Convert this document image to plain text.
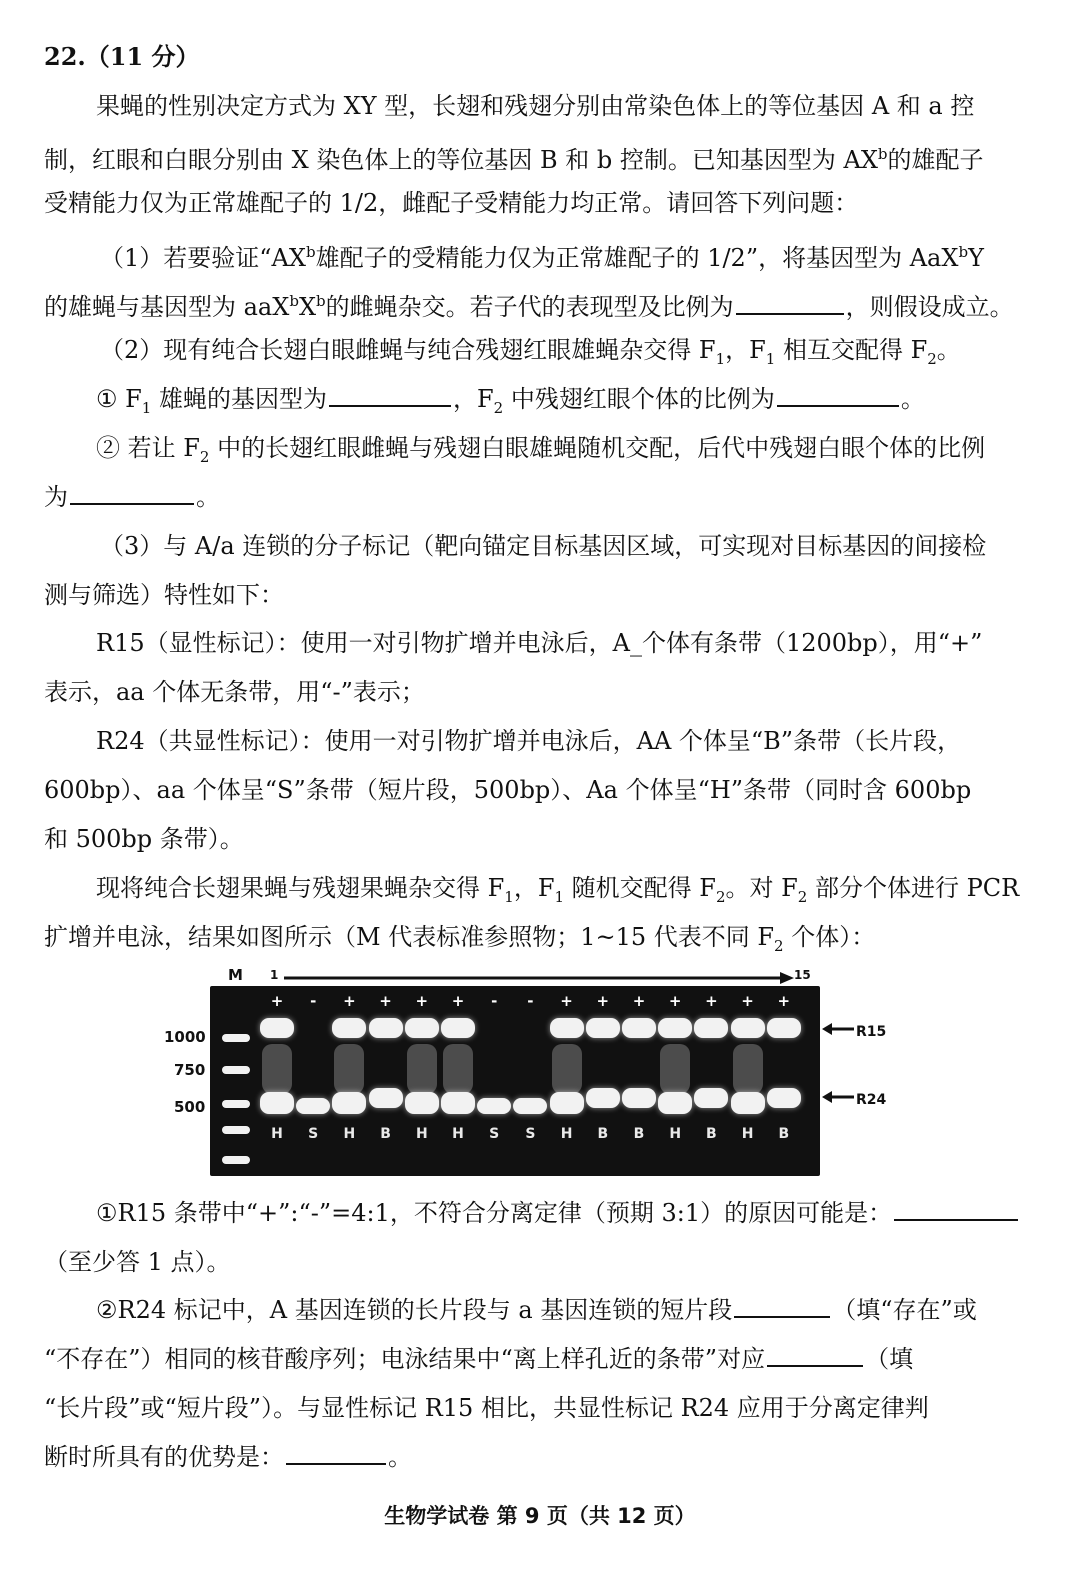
22.（11 分）
果蝇的性别决定方式为 XY 型，长翅和残翅分别由常染色体上的等位基因 A 和 a 控
制，红眼和白眼分别由 X 染色体上的等位基因 B 和 b 控制。已知基因型为 $AX^b$的雄配子
受精能力仅为正常雄配子的 1/2，雌配子受精能力均正常。请回答下列问题：
（1）若要验证“$AX^b$雄配子的受精能力仅为正常雄配子的 1/2”，将基因型为 AaX$^b$Y
的雄蝇与基因型为 $aaX^bX^b$的雌蝇杂交。若子代的表现型及比例为	，则假设成立。
（2）现有纯合长翅白眼雌蝇与纯合残翅红眼雄蝇杂交得 $F_1$，$F_1$ 相互交配得 $F_2$。
① $F_1$ 雄蝇的基因型为	，$F_2$ 中残翅红眼个体的比例为	。
② 若让 $F_2$ 中的长翅红眼雌蝇与残翅白眼雄蝇随机交配，后代中残翅白眼个体的比例
为	。
（3）与 A/a 连锁的分子标记（靶向锚定目标基因区域，可实现对目标基因的间接检
测与筛选）特性如下：
R15（显性标记）：使用一对引物扩增并电泳后，A_个体有条带（1200bp），用“+”
表示，aa 个体无条带，用“-”表示；
R24（共显性标记）：使用一对引物扩增并电泳后，AA 个体呈“B”条带（长片段，
600bp）、aa 个体呈“S”条带（短片段，500bp）、Aa 个体呈“H”条带（同时含 600bp
和 500bp 条带）。
现将纯合长翅果蝇与残翅果蝇杂交得 $F_1$，$F_1$ 随机交配得 $F_2$。对 $F_2$ 部分个体进行 PCR
扩增并电泳，结果如图所示（M 代表标准参照物；1~15 代表不同 $F_2$ 个体）：
M 1	15
1000
750
500
+
H
-
S
+
H
+
B
+
H
+
H
-
S
-
S
+
H
+
B
+
B
+
H
+
B
+
H
+
B
R15
R24
①R15 条带中“+”:“-”=4:1，不符合分离定律（预期 3:1）的原因可能是：
（至少答 1 点）。
②R24 标记中，A 基因连锁的长片段与 a 基因连锁的短片段	（填“存在”或
“不存在”）相同的核苷酸序列；电泳结果中“离上样孔近的条带”对应	（填
“长片段”或“短片段”）。与显性标记 R15 相比，共显性标记 R24 应用于分离定律判
断时所具有的优势是：	。
生物学试卷 第 9 页（共 12 页）
